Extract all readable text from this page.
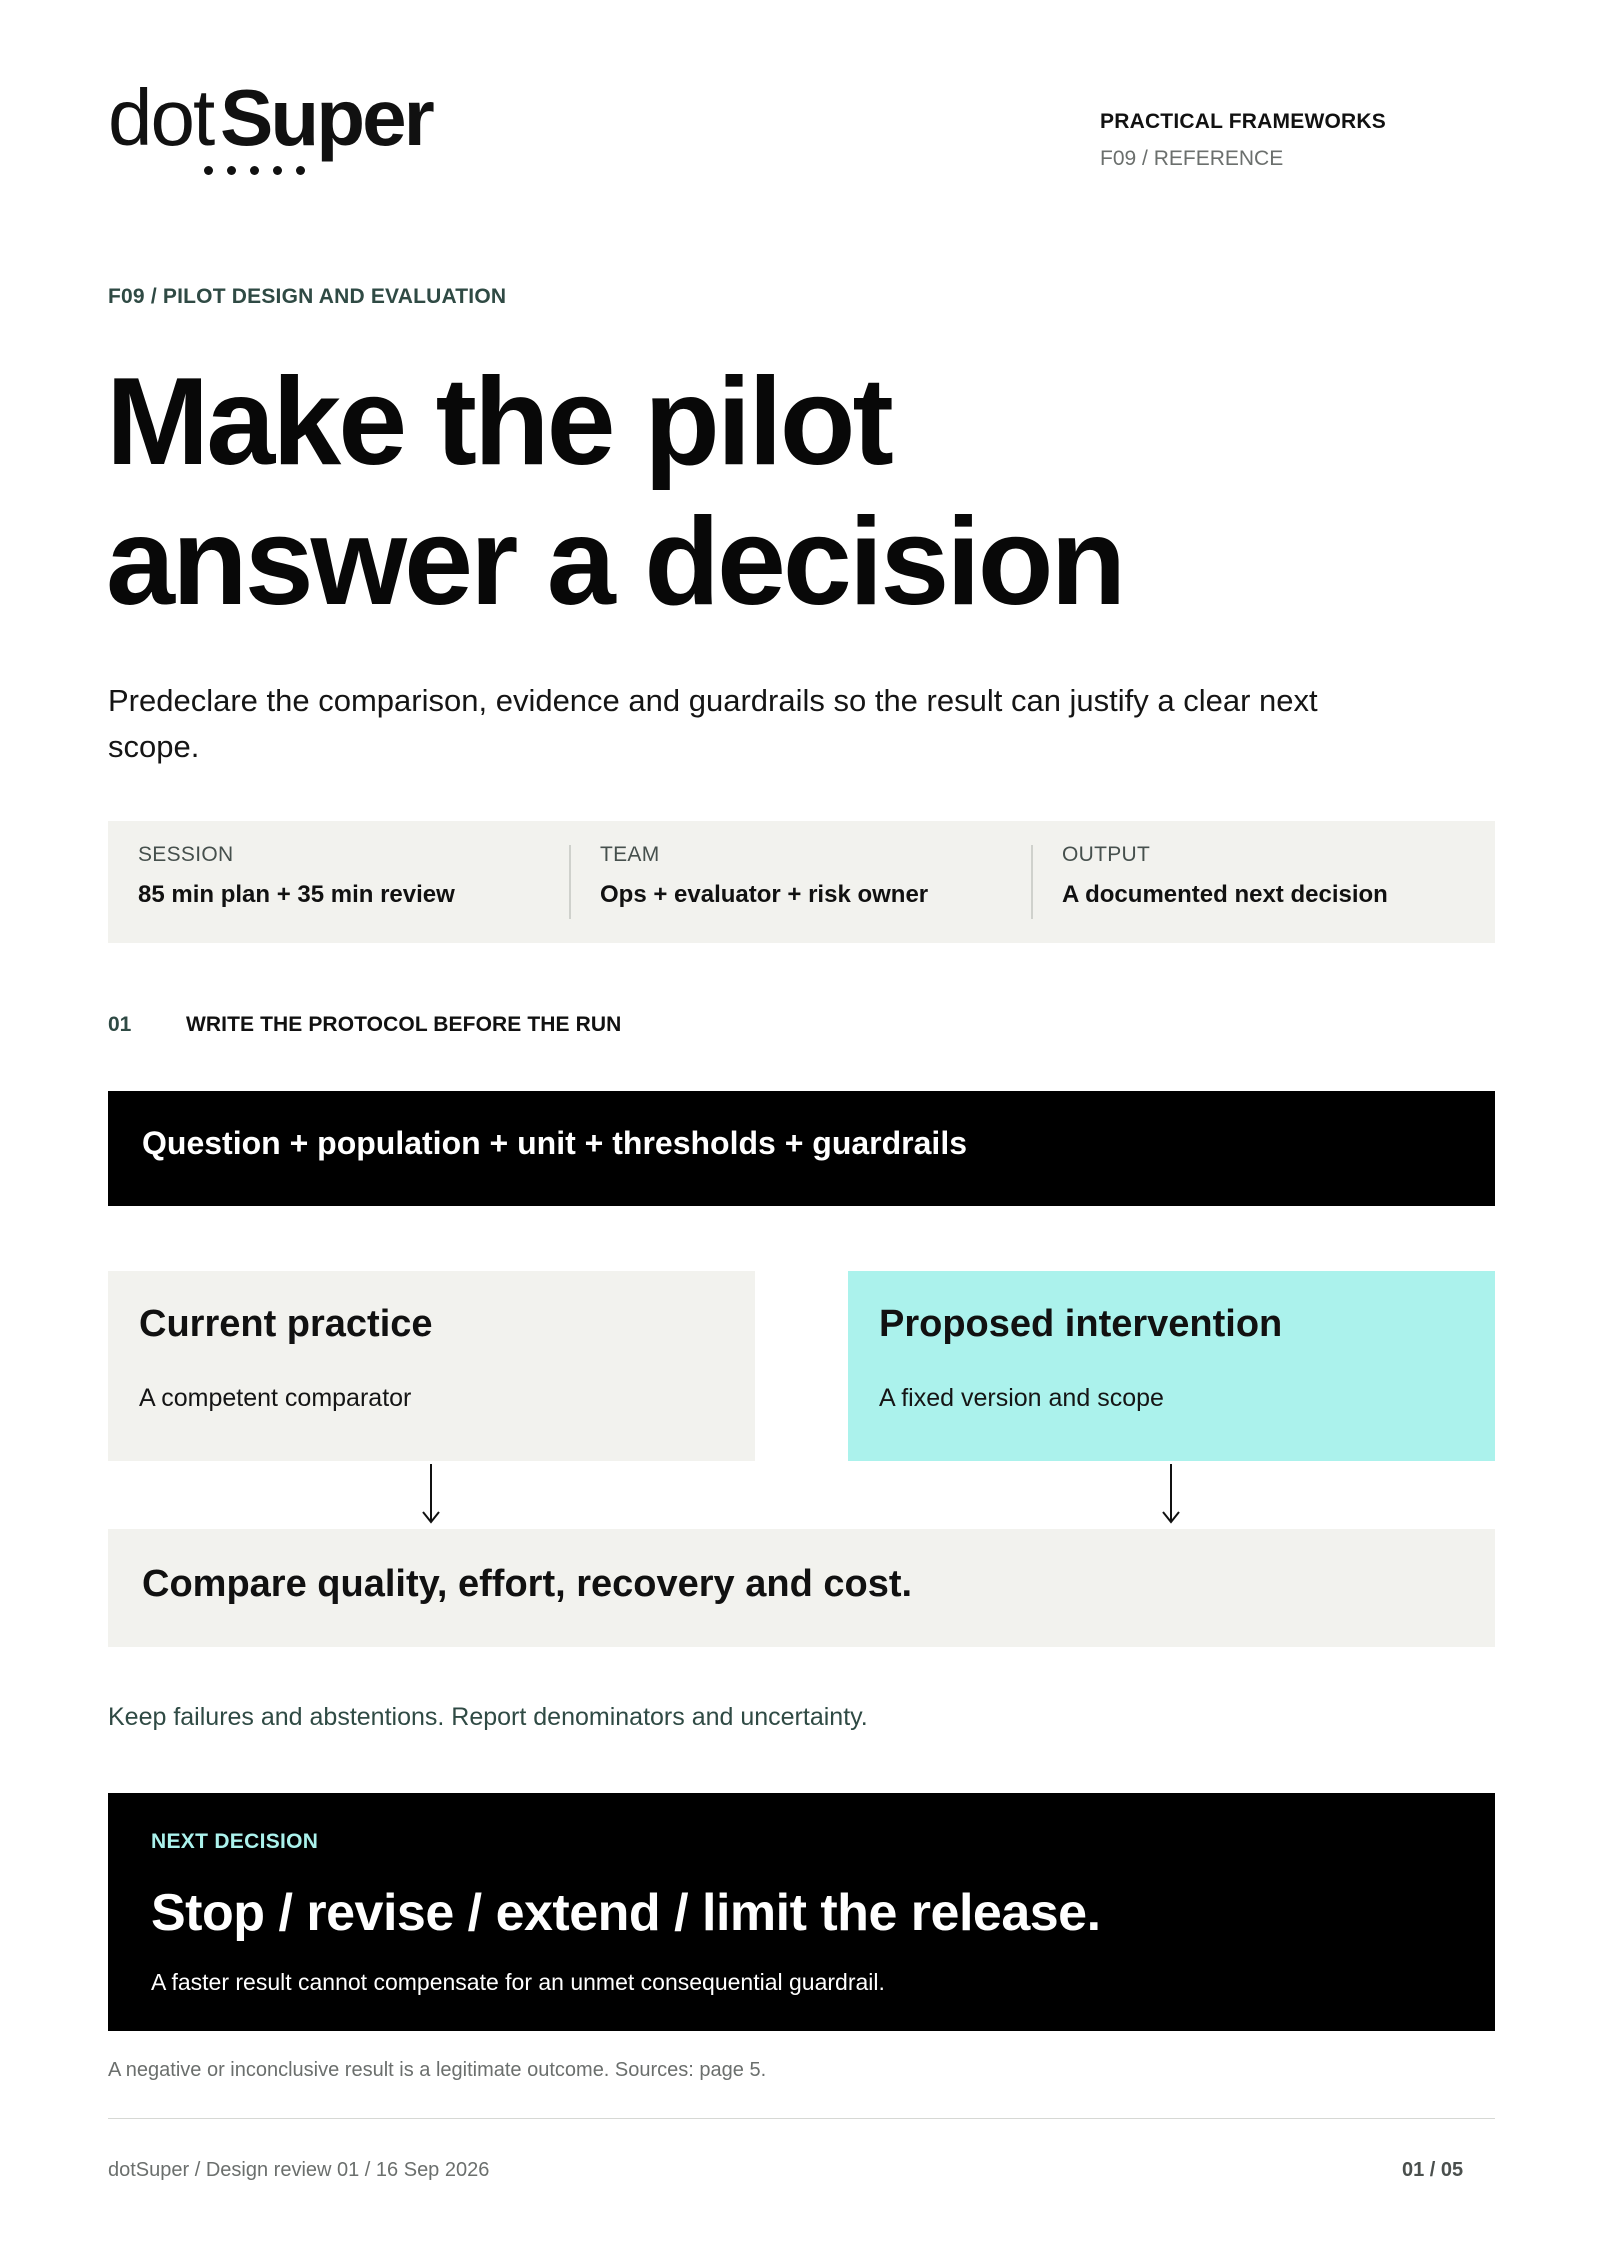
dot Super	PRACTICAL FRAMEWORKS
F09 / REFERENCE
F09 / PILOT DESIGN AND EVALUATION
Make the pilot
answer a decision
Predeclare the comparison, evidence and guardrails so the result can justify a clear next scope.
SESSION
85 min plan + 35 min review
TEAM
Ops + evaluator + risk owner
OUTPUT
A documented next decision
01	WRITE THE PROTOCOL BEFORE THE RUN
Question + population + unit + thresholds + guardrails
Current practice
A competent comparator
Proposed intervention
A fixed version and scope
Compare quality, effort, recovery and cost.
Keep failures and abstentions. Report denominators and uncertainty.
NEXT DECISION
Stop / revise / extend / limit the release.
A faster result cannot compensate for an unmet consequential guardrail.
A negative or inconclusive result is a legitimate outcome. Sources: page 5.
dotSuper / Design review 01 / 16 Sep 2026	01 / 05
